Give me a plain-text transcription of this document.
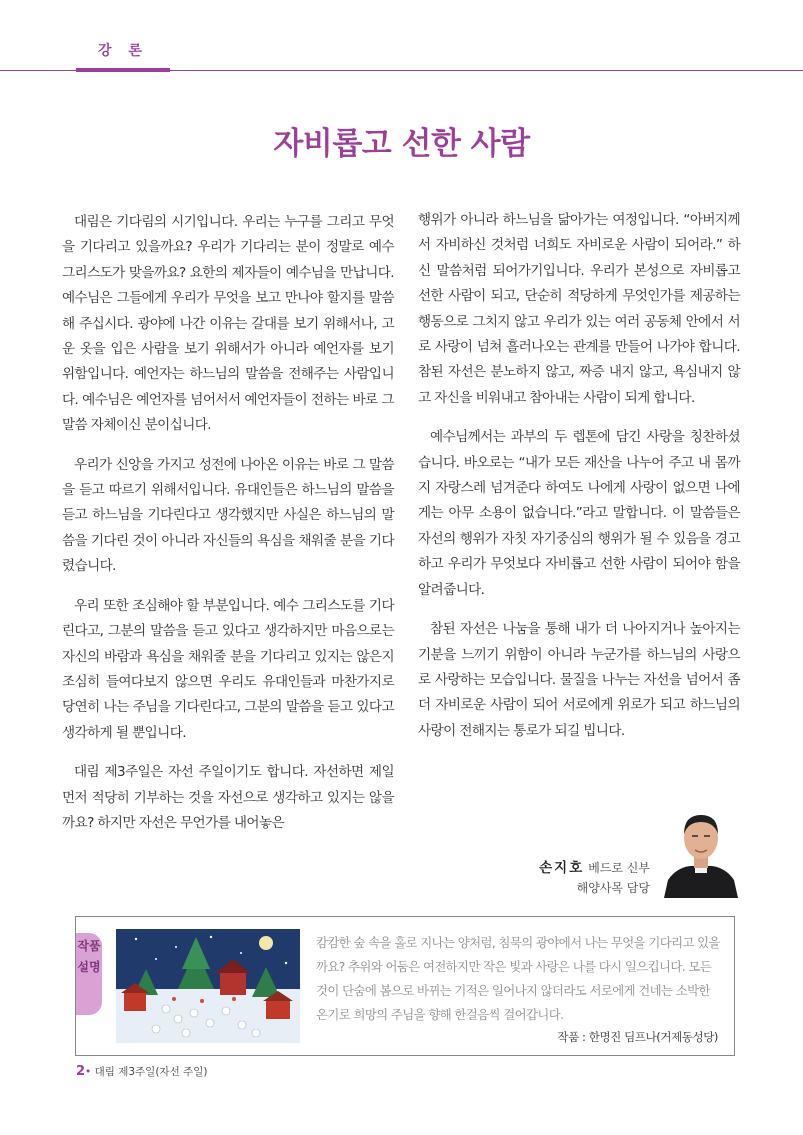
강 론
자비롭고 선한 사람

대림은 기다림의 시기입니다. 우리는 누구를 그리고 무엇을 기다리고 있을까요? 우리가 기다리는 분이 정말로 예수 그리스도가 맞을까요? 요한의 제자들이 예수님을 만납니다. 예수님은 그들에게 우리가 무엇을 보고 만나야 할지를 말씀해 주십시다. 광야에 나간 이유는 갈대를 보기 위해서나, 고운 옷을 입은 사람을 보기 위해서가 아니라 예언자를 보기 위함입니다. 예언자는 하느님의 말씀을 전해주는 사람입니다. 예수님은 예언자를 넘어서서 예언자들이 전하는 바로 그 말씀 자체이신 분이십니다.

우리가 신앙을 가지고 성전에 나아온 이유는 바로 그 말씀을 듣고 따르기 위해서입니다. 유대인들은 하느님의 말씀을 듣고 하느님을 기다린다고 생각했지만 사실은 하느님의 말씀을 기다린 것이 아니라 자신들의 욕심을 채워줄 분을 기다렸습니다.

우리 또한 조심해야 할 부분입니다. 예수 그리스도를 기다린다고, 그분의 말씀을 듣고 있다고 생각하지만 마음으로는 자신의 바람과 욕심을 채워줄 분을 기다리고 있지는 않은지 조심히 들여다보지 않으면 우리도 유대인들과 마찬가지로 당연히 나는 주님을 기다린다고, 그분의 말씀을 듣고 있다고 생각하게 될 뿐입니다.

대림 제3주일은 자선 주일이기도 합니다. 자선하면 제일 먼저 적당히 기부하는 것을 자선으로 생각하고 있지는 않을까요? 하지만 자선은 무언가를 내어놓은

행위가 아니라 하느님을 닮아가는 여정입니다. “아버지께서 자비하신 것처럼 너희도 자비로운 사람이 되어라.” 하신 말씀처럼 되어가기입니다. 우리가 본성으로 자비롭고 선한 사람이 되고, 단순히 적당하게 무엇인가를 제공하는 행동으로 그치지 않고 우리가 있는 여러 공동체 안에서 서로 사랑이 넘쳐 흘러나오는 관계를 만들어 나가야 합니다. 참된 자선은 분노하지 않고, 짜증 내지 않고, 욕심내지 않고 자신을 비워내고 참아내는 사람이 되게 합니다.

예수님께서는 과부의 두 렙톤에 담긴 사랑을 칭찬하셨습니다. 바오로는 “내가 모든 재산을 나누어 주고 내 몸까지 자랑스레 넘겨준다 하여도 나에게 사랑이 없으면 나에게는 아무 소용이 없습니다.”라고 말합니다. 이 말씀들은 자선의 행위가 자칫 자기중심의 행위가 될 수 있음을 경고하고 우리가 무엇보다 자비롭고 선한 사람이 되어야 함을 알려줍니다.

참된 자선은 나눔을 통해 내가 더 나아지거나 높아지는 기분을 느끼기 위함이 아니라 누군가를 하느님의 사랑으로 사랑하는 모습입니다. 물질을 나누는 자선을 넘어서 좀 더 자비로운 사람이 되어 서로에게 위로가 되고 하느님의 사랑이 전해지는 통로가 되길 빕니다.

손지호 베드로 신부
해양사목 담당
작품
설명
캄캄한 숲 속을 홀로 지나는 양처럼, 침묵의 광야에서 나는 무엇을 기다리고 있을까요? 추위와 어둠은 여전하지만 작은 빛과 사랑은 나를 다시 일으킵니다. 모든 것이 단숨에 봄으로 바뀌는 기적은 일어나지 않더라도 서로에게 건네는 소박한 온기로 희망의 주님을 향해 한걸음씩 걸어갑니다.
작품 : 한명진 딤프나(거제동성당)
2• 대림 제3주일(자선 주일)
